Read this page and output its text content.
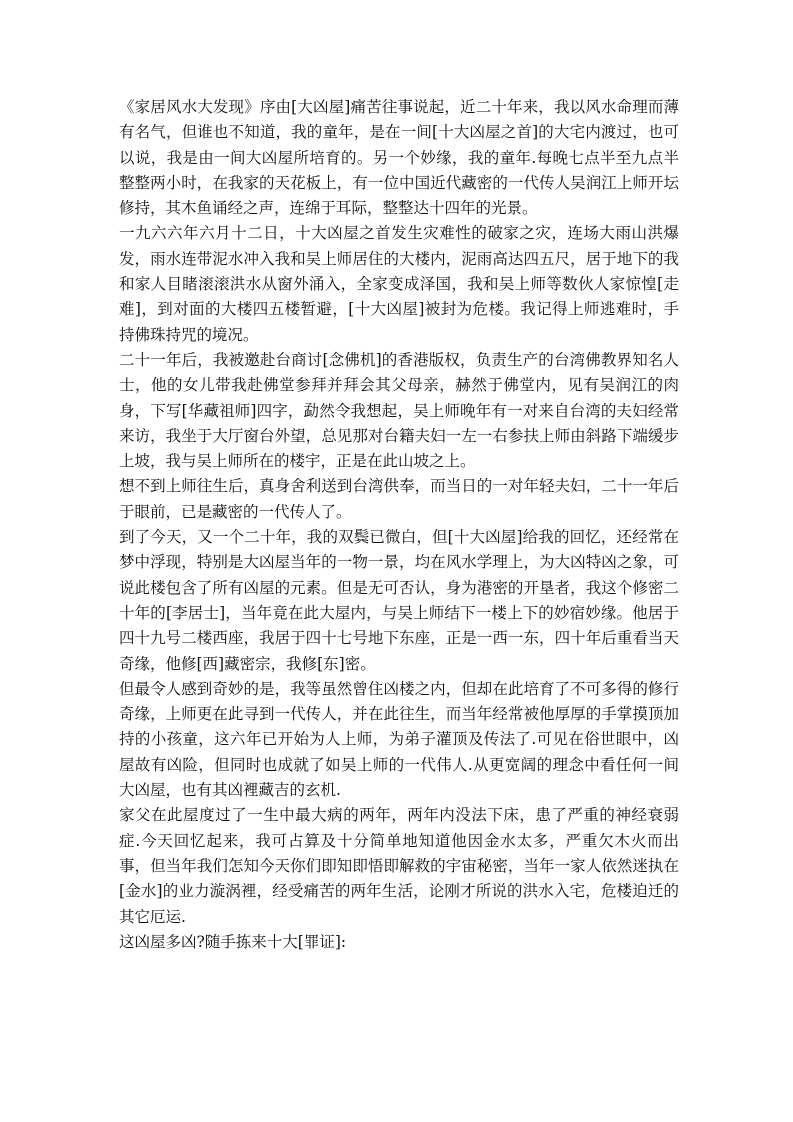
《家居风水大发现》序由[大凶屋]痛苦往事说起，近二十年来，我以风水命理而薄有名气，但谁也不知道，我的童年，是在一间[十大凶屋之首]的大宅内渡过，也可以说，我是由一间大凶屋所培育的。另一个妙缘，我的童年.每晚七点半至九点半整整两小时，在我家的天花板上，有一位中国近代藏密的一代传人吴润江上师开坛修持，其木鱼诵经之声，连绵于耳际，整整达十四年的光景。

一九六六年六月十二日，十大凶屋之首发生灾难性的破家之灾，连场大雨山洪爆发，雨水连带泥水冲入我和吴上师居住的大楼内，泥雨高达四五尺，居于地下的我和家人目睹滚滚洪水从窗外涌入，全家变成泽国，我和吴上师等数伙人家惊惶[走难]，到对面的大楼四五楼暂避，[十大凶屋]被封为危楼。我记得上师逃难时，手持佛珠持咒的境况。

二十一年后，我被邀赴台商讨[念佛机]的香港版权，负责生产的台湾佛教界知名人士，他的女儿带我赴佛堂参拜并拜会其父母亲，赫然于佛堂内，见有吴润江的肉身，下写[华藏祖师]四字，勐然令我想起，吴上师晚年有一对来自台湾的夫妇经常来访，我坐于大厅窗台外望，总见那对台籍夫妇一左一右参扶上师由斜路下端缓步上坡，我与吴上师所在的楼宇，正是在此山坡之上。

想不到上师往生后，真身舍利送到台湾供奉，而当日的一对年轻夫妇，二十一年后于眼前，已是藏密的一代传人了。

到了今天，又一个二十年，我的双鬓已微白，但[十大凶屋]给我的回忆，还经常在梦中浮现，特别是大凶屋当年的一物一景，均在风水学理上，为大凶特凶之象，可说此楼包含了所有凶屋的元素。但是无可否认，身为港密的开垦者，我这个修密二十年的[李居士]，当年竟在此大屋内，与吴上师结下一楼上下的妙宿妙缘。他居于四十九号二楼西座，我居于四十七号地下东座，正是一西一东，四十年后重看当天奇缘，他修[西]藏密宗，我修[东]密。

但最令人感到奇妙的是，我等虽然曾住凶楼之内，但却在此培育了不可多得的修行奇缘，上师更在此寻到一代传人，并在此往生，而当年经常被他厚厚的手掌摸顶加持的小孩童，这六年已开始为人上师，为弟子灌顶及传法了.可见在俗世眼中，凶屋故有凶险，但同时也成就了如吴上师的一代伟人.从更宽阔的理念中看任何一间大凶屋，也有其凶裡藏吉的玄机.

家父在此屋度过了一生中最大病的两年，两年内没法下床，患了严重的神经衰弱症.今天回忆起来，我可占算及十分简单地知道他因金水太多，严重欠木火而出事，但当年我们怎知今天你们即知即悟即解救的宇宙秘密，当年一家人依然迷执在[金水]的业力漩涡裡，经受痛苦的两年生活，论刚才所说的洪水入宅，危楼迫迁的其它厄运.

这凶屋多凶?随手拣来十大[罪证]:
